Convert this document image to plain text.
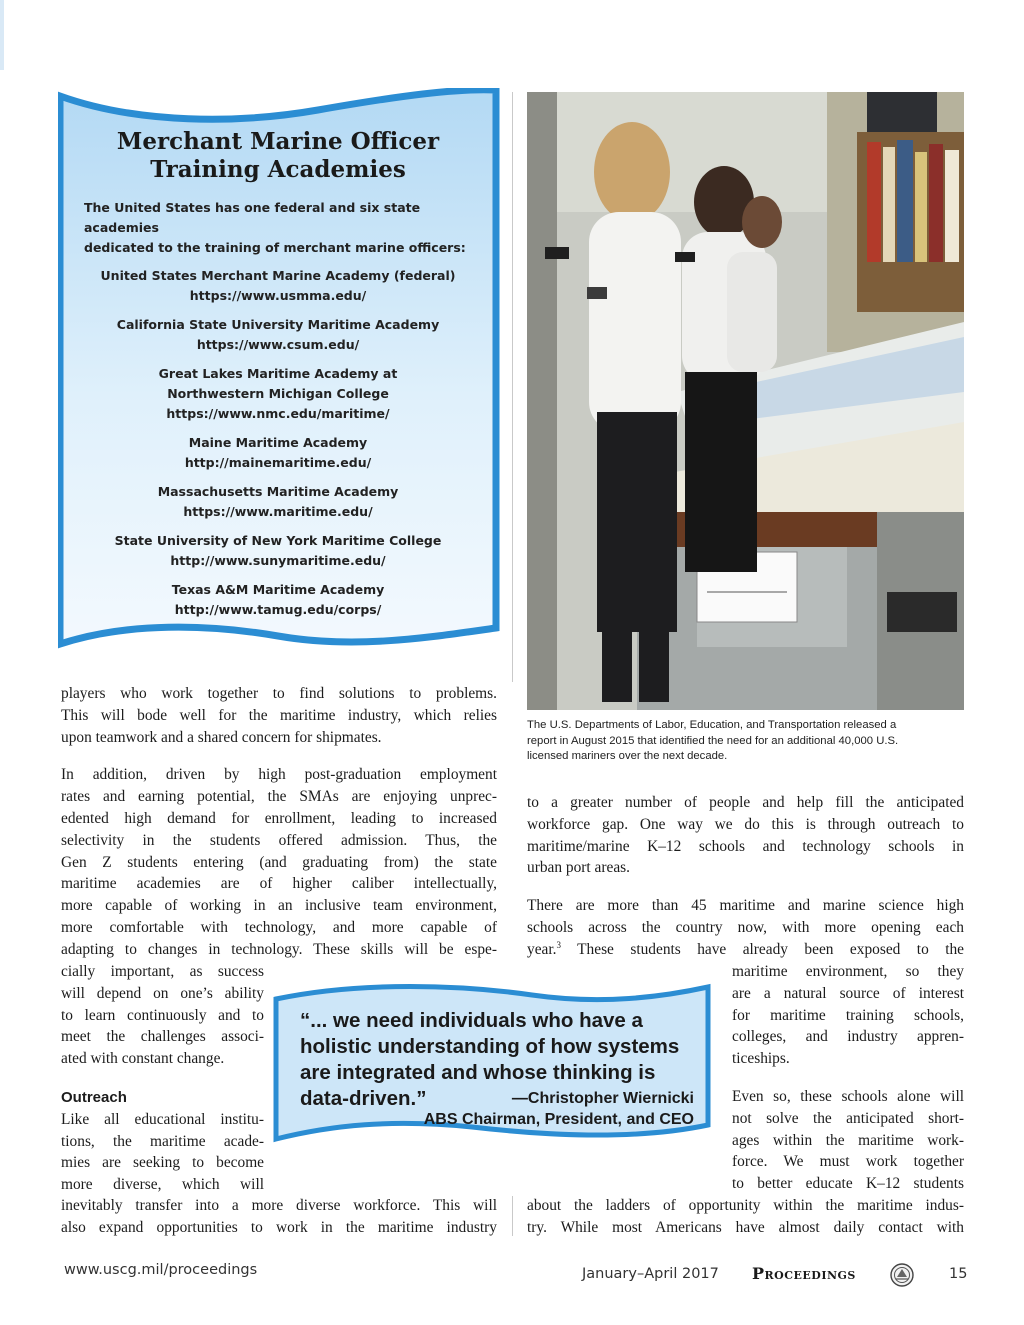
Merchant Marine Officer
Training Academies
The United States has one federal and six state academies
dedicated to the training of merchant marine officers:
United States Merchant Marine Academy (federal)
https://www.usmma.edu/
California State University Maritime Academy
https://www.csum.edu/
Great Lakes Maritime Academy at
Northwestern Michigan College
https://www.nmc.edu/maritime/
Maine Maritime Academy
http://mainemaritime.edu/
Massachusetts Maritime Academy
https://www.maritime.edu/
State University of New York Maritime College
http://www.sunymaritime.edu/
Texas A&M Maritime Academy
http://www.tamug.edu/corps/
The U.S. Departments of Labor, Education, and Transportation released a
report in August 2015 that identified the need for an additional 40,000 U.S.
licensed mariners over the next decade.
players who work together to find solutions to problems.
This will bode well for the maritime industry, which relies
upon teamwork and a shared concern for shipmates.
In addition, driven by high post-graduation employment
rates and earning potential, the SMAs are enjoying unprec-
edented high demand for enrollment, leading to increased
selectivity in the students offered admission. Thus, the
Gen Z students entering (and graduating from) the state
maritime academies are of higher caliber intellectually,
more capable of working in an inclusive team environment,
more comfortable with technology, and more capable of
adapting to changes in technology. These skills will be espe-
cially important, as success
will depend on one’s ability
to learn continuously and to
meet the challenges associ-
ated with constant change.
Outreach
Like all educational institu-
tions, the maritime acade-
mies are seeking to become
more diverse, which will
inevitably transfer into a more diverse workforce. This will
also expand opportunities to work in the maritime industry
to a greater number of people and help fill the anticipated
workforce gap. One way we do this is through outreach to
maritime/marine K–12 schools and technology schools in
urban port areas.
There are more than 45 maritime and marine science high
schools across the country now, with more opening each
year.$^3$ These students have already been exposed to the
maritime environment, so they
are a natural source of interest
for maritime training schools,
colleges, and industry appren-
ticeships.
Even so, these schools alone will
not solve the anticipated short-
ages within the maritime work-
force. We must work together
to better educate K–12 students
about the ladders of opportunity within the maritime indus-
try. While most Americans have almost daily contact with
“... we need individuals who have a
holistic understanding of how systems
are integrated and whose thinking is
data-driven.”	—Christopher Wiernicki
ABS Chairman, President, and CEO
www.uscg.mil/proceedings	January–April 2017 Proceedings	15
